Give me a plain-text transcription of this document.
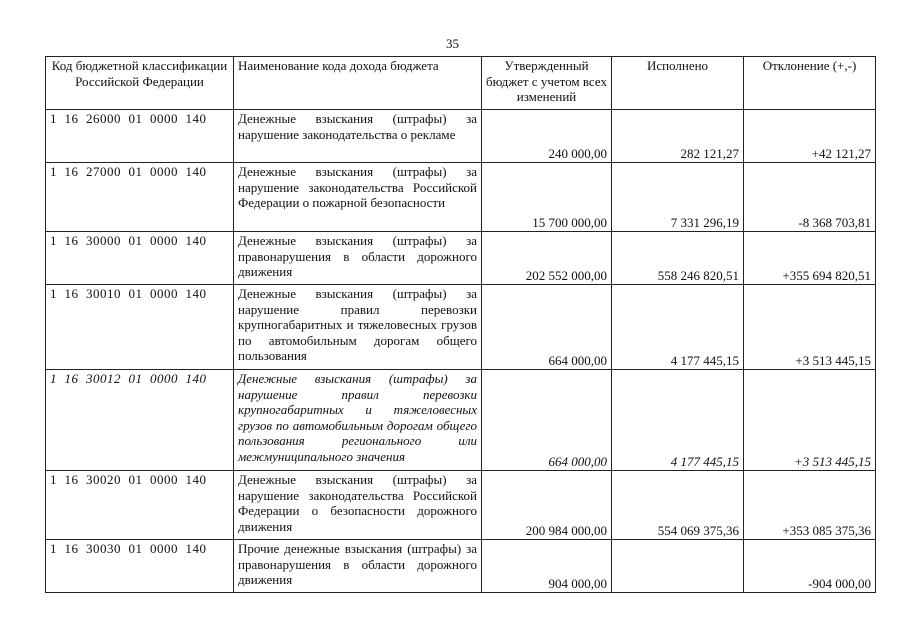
35
Код бюджетной классификации Российской Федерации	Наименование кода дохода бюджета	Утвержденный бюджет с учетом всех изменений	Исполнено	Отклонение (+,-)
1  16  26000  01  0000  140	Денежные взыскания (штрафы) за нарушение законодательства о рекламе	240 000,00	282 121,27	+42 121,27
1  16  27000  01  0000  140	Денежные взыскания (штрафы) за нарушение законодательства Российской Федерации о пожарной безопасности	15 700 000,00	7 331 296,19	-8 368 703,81
1  16  30000  01  0000  140	Денежные взыскания (штрафы) за правонарушения в области дорожного движения	202 552 000,00	558 246 820,51	+355 694 820,51
1  16  30010  01  0000  140	Денежные взыскания (штрафы) за нарушение правил перевозки крупногабаритных и тяжеловесных грузов по автомобильным дорогам общего пользования	664 000,00	4 177 445,15	+3 513 445,15
1  16  30012  01  0000  140	Денежные взыскания (штрафы) за нарушение правил перевозки крупногабаритных и тяжеловесных грузов по автомобильным дорогам общего пользования регионального или межмуниципального значения	664 000,00	4 177 445,15	+3 513 445,15
1  16  30020  01  0000  140	Денежные взыскания (штрафы) за нарушение законодательства Российской Федерации о безопасности дорожного движения	200 984 000,00	554 069 375,36	+353 085 375,36
1  16  30030  01  0000  140	Прочие денежные взыскания (штрафы) за правонарушения в области дорожного движения	904 000,00		-904 000,00
